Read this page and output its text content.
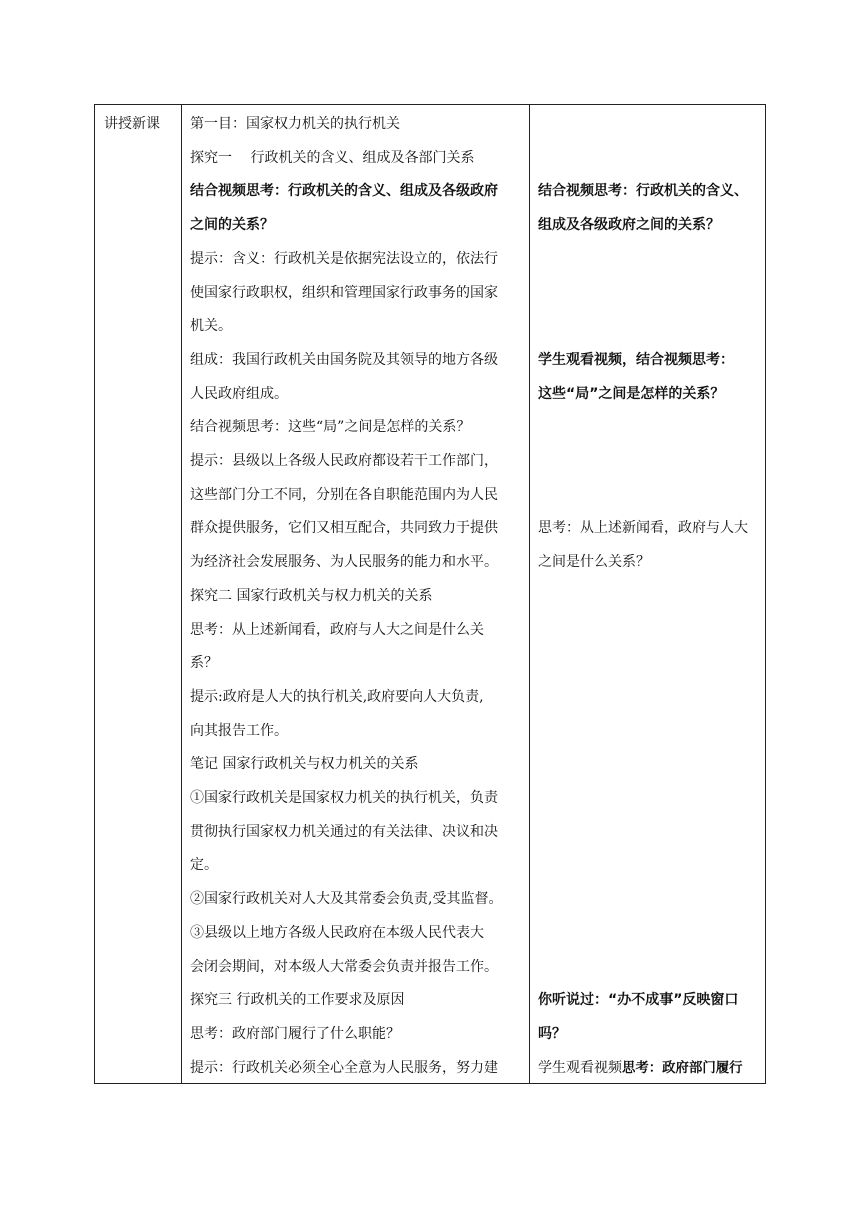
讲授新课 第一目：国家权力机关的执行机关
探究一　 行政机关的含义、组成及各部门关系
结合视频思考：行政机关的含义、组成及各级政府
之间的关系？
提示：含义：行政机关是依据宪法设立的，依法行
使国家行政职权，组织和管理国家行政事务的国家
机关。
组成：我国行政机关由国务院及其领导的地方各级
人民政府组成。
结合视频思考：这些“局”之间是怎样的关系？
提示：县级以上各级人民政府都设若干工作部门，
这些部门分工不同，分别在各自职能范围内为人民
群众提供服务，它们又相互配合，共同致力于提供
为经济社会发展服务、为人民服务的能力和水平。
探究二 国家行政机关与权力机关的关系
思考：从上述新闻看，政府与人大之间是什么关
系？
提示:政府是人大的执行机关,政府要向人大负责,
向其报告工作。
笔记 国家行政机关与权力机关的关系
①国家行政机关是国家权力机关的执行机关，负责
贯彻执行国家权力机关通过的有关法律、决议和决
定。
②国家行政机关对人大及其常委会负责,受其监督。
③县级以上地方各级人民政府在本级人民代表大
会闭会期间，对本级人大常委会负责并报告工作。
探究三 行政机关的工作要求及原因
思考：政府部门履行了什么职能？
提示：行政机关必须全心全意为人民服务，努力建
结合视频思考：行政机关的含义、
组成及各级政府之间的关系？
学生观看视频，结合视频思考：
这些“局”之间是怎样的关系？
思考：从上述新闻看，政府与人大
之间是什么关系？
你听说过：“办不成事”反映窗口
吗？
学生观看视频思考：政府部门履行
